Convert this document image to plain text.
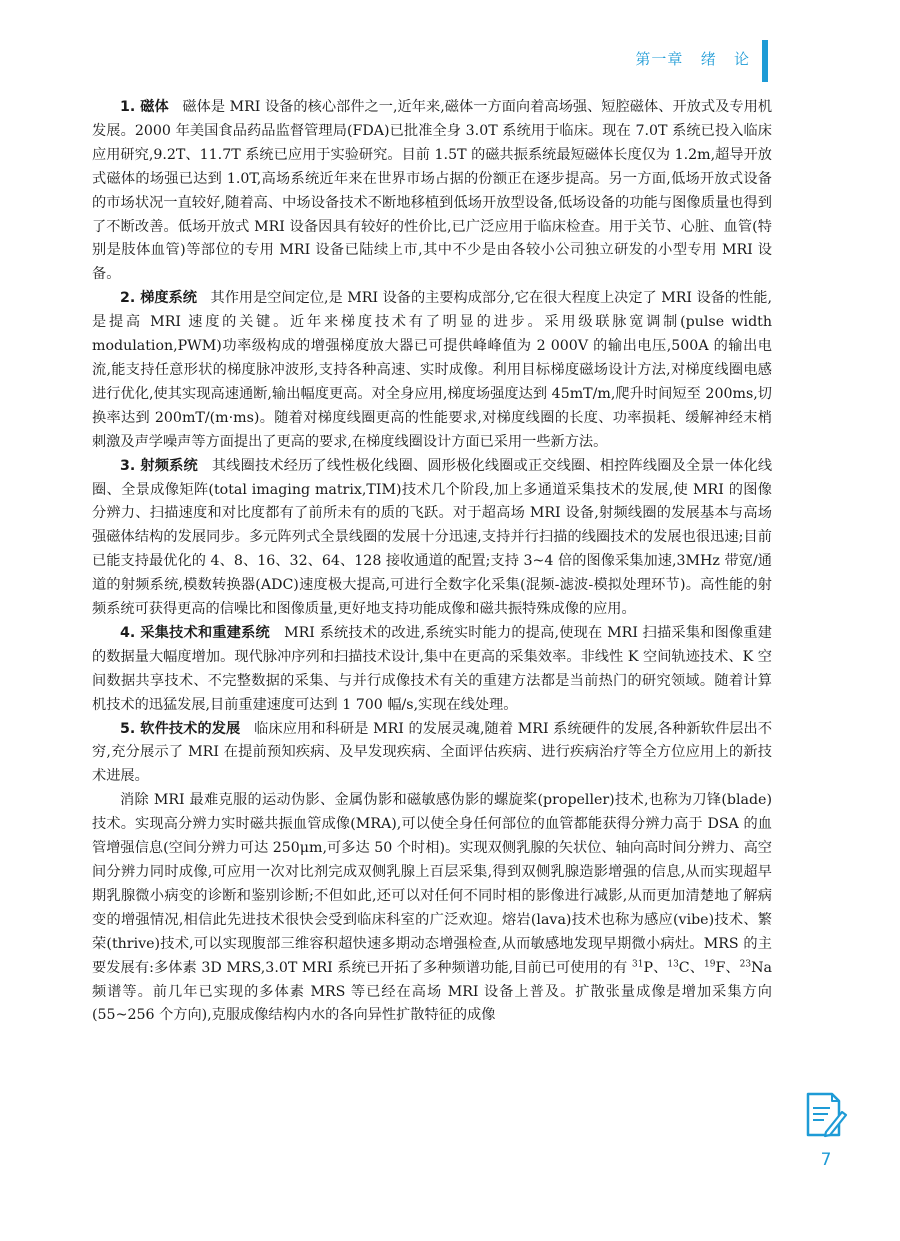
第一章   绪   论

1. 磁体 磁体是 MRI 设备的核心部件之一,近年来,磁体一方面向着高场强、短腔磁体、开放式及专用机发展。2000 年美国食品药品监督管理局(FDA)已批准全身 3.0T 系统用于临床。现在 7.0T 系统已投入临床应用研究,9.2T、11.7T 系统已应用于实验研究。目前 1.5T 的磁共振系统最短磁体长度仅为 1.2m,超导开放式磁体的场强已达到 1.0T,高场系统近年来在世界市场占据的份额正在逐步提高。另一方面,低场开放式设备的市场状况一直较好,随着高、中场设备技术不断地移植到低场开放型设备,低场设备的功能与图像质量也得到了不断改善。低场开放式 MRI 设备因具有较好的性价比,已广泛应用于临床检查。用于关节、心脏、血管(特别是肢体血管)等部位的专用 MRI 设备已陆续上市,其中不少是由各较小公司独立研发的小型专用 MRI 设备。

2. 梯度系统 其作用是空间定位,是 MRI 设备的主要构成部分,它在很大程度上决定了 MRI 设备的性能,是提高 MRI 速度的关键。近年来梯度技术有了明显的进步。采用级联脉宽调制(pulse width modulation,PWM)功率级构成的增强梯度放大器已可提供峰峰值为 2 000V 的输出电压,500A 的输出电流,能支持任意形状的梯度脉冲波形,支持各种高速、实时成像。利用目标梯度磁场设计方法,对梯度线圈电感进行优化,使其实现高速通断,输出幅度更高。对全身应用,梯度场强度达到 45mT/m,爬升时间短至 200ms,切换率达到 200mT/(m·ms)。随着对梯度线圈更高的性能要求,对梯度线圈的长度、功率损耗、缓解神经末梢刺激及声学噪声等方面提出了更高的要求,在梯度线圈设计方面已采用一些新方法。

3. 射频系统 其线圈技术经历了线性极化线圈、圆形极化线圈或正交线圈、相控阵线圈及全景一体化线圈、全景成像矩阵(total imaging matrix,TIM)技术几个阶段,加上多通道采集技术的发展,使 MRI 的图像分辨力、扫描速度和对比度都有了前所未有的质的飞跃。对于超高场 MRI 设备,射频线圈的发展基本与高场强磁体结构的发展同步。多元阵列式全景线圈的发展十分迅速,支持并行扫描的线圈技术的发展也很迅速;目前已能支持最优化的 4、8、16、32、64、128 接收通道的配置;支持 3~4 倍的图像采集加速,3MHz 带宽/通道的射频系统,模数转换器(ADC)速度极大提高,可进行全数字化采集(混频-滤波-模拟处理环节)。高性能的射频系统可获得更高的信噪比和图像质量,更好地支持功能成像和磁共振特殊成像的应用。

4. 采集技术和重建系统 MRI 系统技术的改进,系统实时能力的提高,使现在 MRI 扫描采集和图像重建的数据量大幅度增加。现代脉冲序列和扫描技术设计,集中在更高的采集效率。非线性 K 空间轨迹技术、K 空间数据共享技术、不完整数据的采集、与并行成像技术有关的重建方法都是当前热门的研究领域。随着计算机技术的迅猛发展,目前重建速度可达到 1 700 幅/s,实现在线处理。

5. 软件技术的发展 临床应用和科研是 MRI 的发展灵魂,随着 MRI 系统硬件的发展,各种新软件层出不穷,充分展示了 MRI 在提前预知疾病、及早发现疾病、全面评估疾病、进行疾病治疗等全方位应用上的新技术进展。

消除 MRI 最难克服的运动伪影、金属伪影和磁敏感伪影的螺旋桨(propeller)技术,也称为刀锋(blade)技术。实现高分辨力实时磁共振血管成像(MRA),可以使全身任何部位的血管都能获得分辨力高于 DSA 的血管增强信息(空间分辨力可达 250μm,可多达 50 个时相)。实现双侧乳腺的矢状位、轴向高时间分辨力、高空间分辨力同时成像,可应用一次对比剂完成双侧乳腺上百层采集,得到双侧乳腺造影增强的信息,从而实现超早期乳腺微小病变的诊断和鉴别诊断;不但如此,还可以对任何不同时相的影像进行减影,从而更加清楚地了解病变的增强情况,相信此先进技术很快会受到临床科室的广泛欢迎。熔岩(lava)技术也称为感应(vibe)技术、繁荣(thrive)技术,可以实现腹部三维容积超快速多期动态增强检查,从而敏感地发现早期微小病灶。MRS 的主要发展有:多体素 3D MRS,3.0T MRI 系统已开拓了多种频谱功能,目前已可使用的有 $^{31}$P、$^{13}$C、$^{19}$F、$^{23}$Na 频谱等。前几年已实现的多体素 MRS 等已经在高场 MRI 设备上普及。扩散张量成像是增加采集方向(55~256 个方向),克服成像结构内水的各向异性扩散特征的成像

7
